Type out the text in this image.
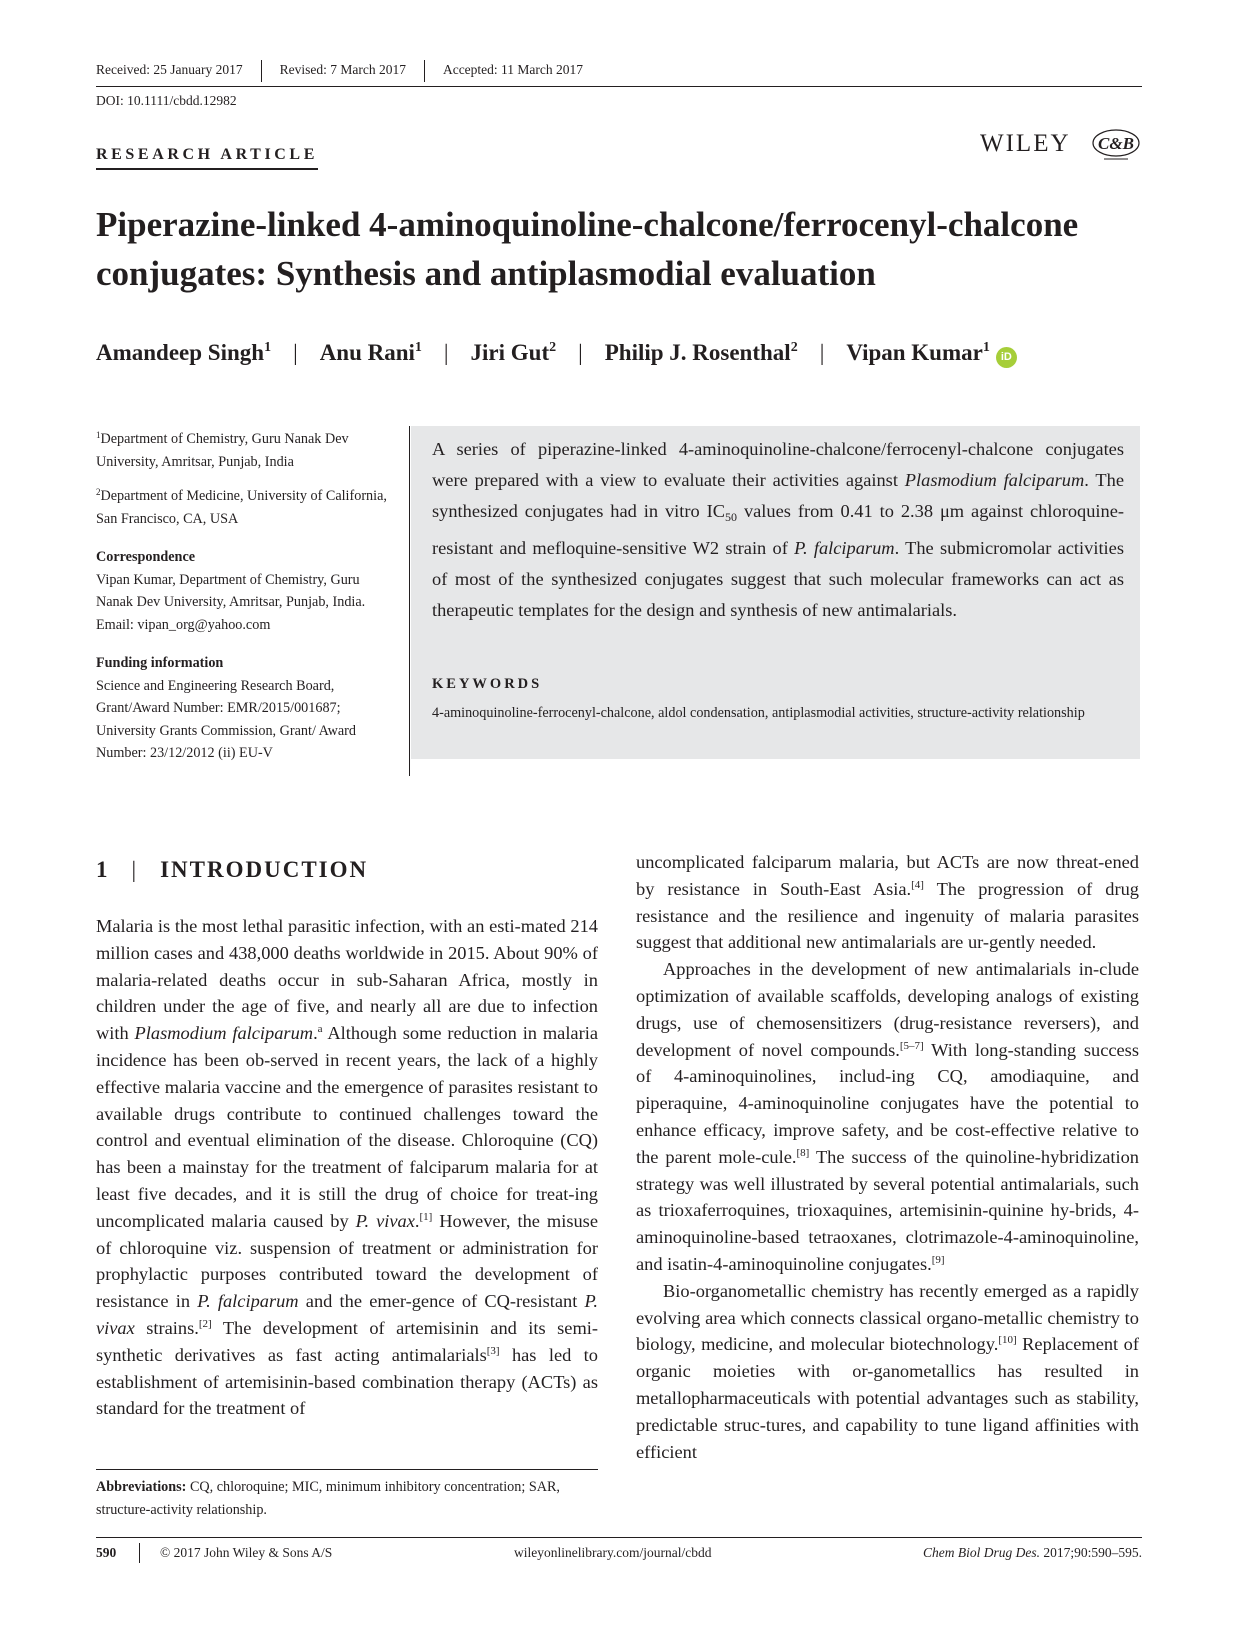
Received: 25 January 2017	Revised: 7 March 2017	Accepted: 11 March 2017
DOI: 10.1111/cbdd.12982
RESEARCH ARTICLE	WILEY C&B
Piperazine-linked 4-aminoquinoline-chalcone/ferrocenyl-chalcone conjugates: Synthesis and antiplasmodial evaluation
Amandeep Singh$^1$ | Anu Rani$^1$ | Jiri Gut$^2$ | Philip J. Rosenthal$^2$ | Vipan Kumar$^1$
iD

$^1$Department of Chemistry, Guru Nanak Dev University, Amritsar, Punjab, India

$^2$Department of Medicine, University of California, San Francisco, CA, USA

Correspondence

Vipan Kumar, Department of Chemistry, Guru Nanak Dev University, Amritsar, Punjab, India.

Email: vipan_org@yahoo.com

Funding information

Science and Engineering Research Board, Grant/Award Number: EMR/2015/001687; University Grants Commission, Grant/ Award Number: 23/12/2012 (ii) EU-V

A series of piperazine-linked 4-aminoquinoline-chalcone/ferrocenyl-chalcone conjugates were prepared with a view to evaluate their activities against Plasmodium falciparum. The synthesized conjugates had in vitro $IC_{50}$ values from 0.41 to 2.38 μm against chloroquine-resistant and mefloquine-sensitive W2 strain of P. falciparum. The submicromolar activities of most of the synthesized conjugates suggest that such molecular frameworks can act as therapeutic templates for the design and synthesis of new antimalarials.
KEYWORDS
4-aminoquinoline-ferrocenyl-chalcone, aldol condensation, antiplasmodial activities, structure-activity relationship
1 | INTRODUCTION

Malaria is the most lethal parasitic infection, with an esti-mated 214 million cases and 438,000 deaths worldwide in 2015. About 90% of malaria-related deaths occur in sub-Saharan Africa, mostly in children under the age of five, and nearly all are due to infection with Plasmodium falciparum.$^a$ Although some reduction in malaria incidence has been ob-served in recent years, the lack of a highly effective malaria vaccine and the emergence of parasites resistant to available drugs contribute to continued challenges toward the control and eventual elimination of the disease. Chloroquine (CQ) has been a mainstay for the treatment of falciparum malaria for at least five decades, and it is still the drug of choice for treat-ing uncomplicated malaria caused by P. vivax.[1] However, the misuse of chloroquine viz. suspension of treatment or administration for prophylactic purposes contributed toward the development of resistance in P. falciparum and the emer-gence of CQ-resistant P. vivax strains.[2] The development of artemisinin and its semi-synthetic derivatives as fast acting antimalarials[3] has led to establishment of artemisinin-based combination therapy (ACTs) as standard for the treatment of

uncomplicated falciparum malaria, but ACTs are now threat-ened by resistance in South-East Asia.[4] The progression of drug resistance and the resilience and ingenuity of malaria parasites suggest that additional new antimalarials are ur-gently needed.

Approaches in the development of new antimalarials in-clude optimization of available scaffolds, developing analogs of existing drugs, use of chemosensitizers (drug-resistance reversers), and development of novel compounds.[5–7] With long-standing success of 4-aminoquinolines, includ-ing CQ, amodiaquine, and piperaquine, 4-aminoquinoline conjugates have the potential to enhance efficacy, improve safety, and be cost-effective relative to the parent mole-cule.[8] The success of the quinoline-hybridization strategy was well illustrated by several potential antimalarials, such as trioxaferroquines, trioxaquines, artemisinin-quinine hy-brids, 4-aminoquinoline-based tetraoxanes, clotrimazole-4-aminoquinoline, and isatin-4-aminoquinoline conjugates.[9]

Bio-organometallic chemistry has recently emerged as a rapidly evolving area which connects classical organo-metallic chemistry to biology, medicine, and molecular biotechnology.[10] Replacement of organic moieties with or-ganometallics has resulted in metallopharmaceuticals with potential advantages such as stability, predictable struc-tures, and capability to tune ligand affinities with efficient

Abbreviations: CQ, chloroquine; MIC, minimum inhibitory concentration; SAR, structure-activity relationship.
590	© 2017 John Wiley & Sons A/S	wileyonlinelibrary.com/journal/cbdd	Chem Biol Drug Des. 2017;90:590–595.
